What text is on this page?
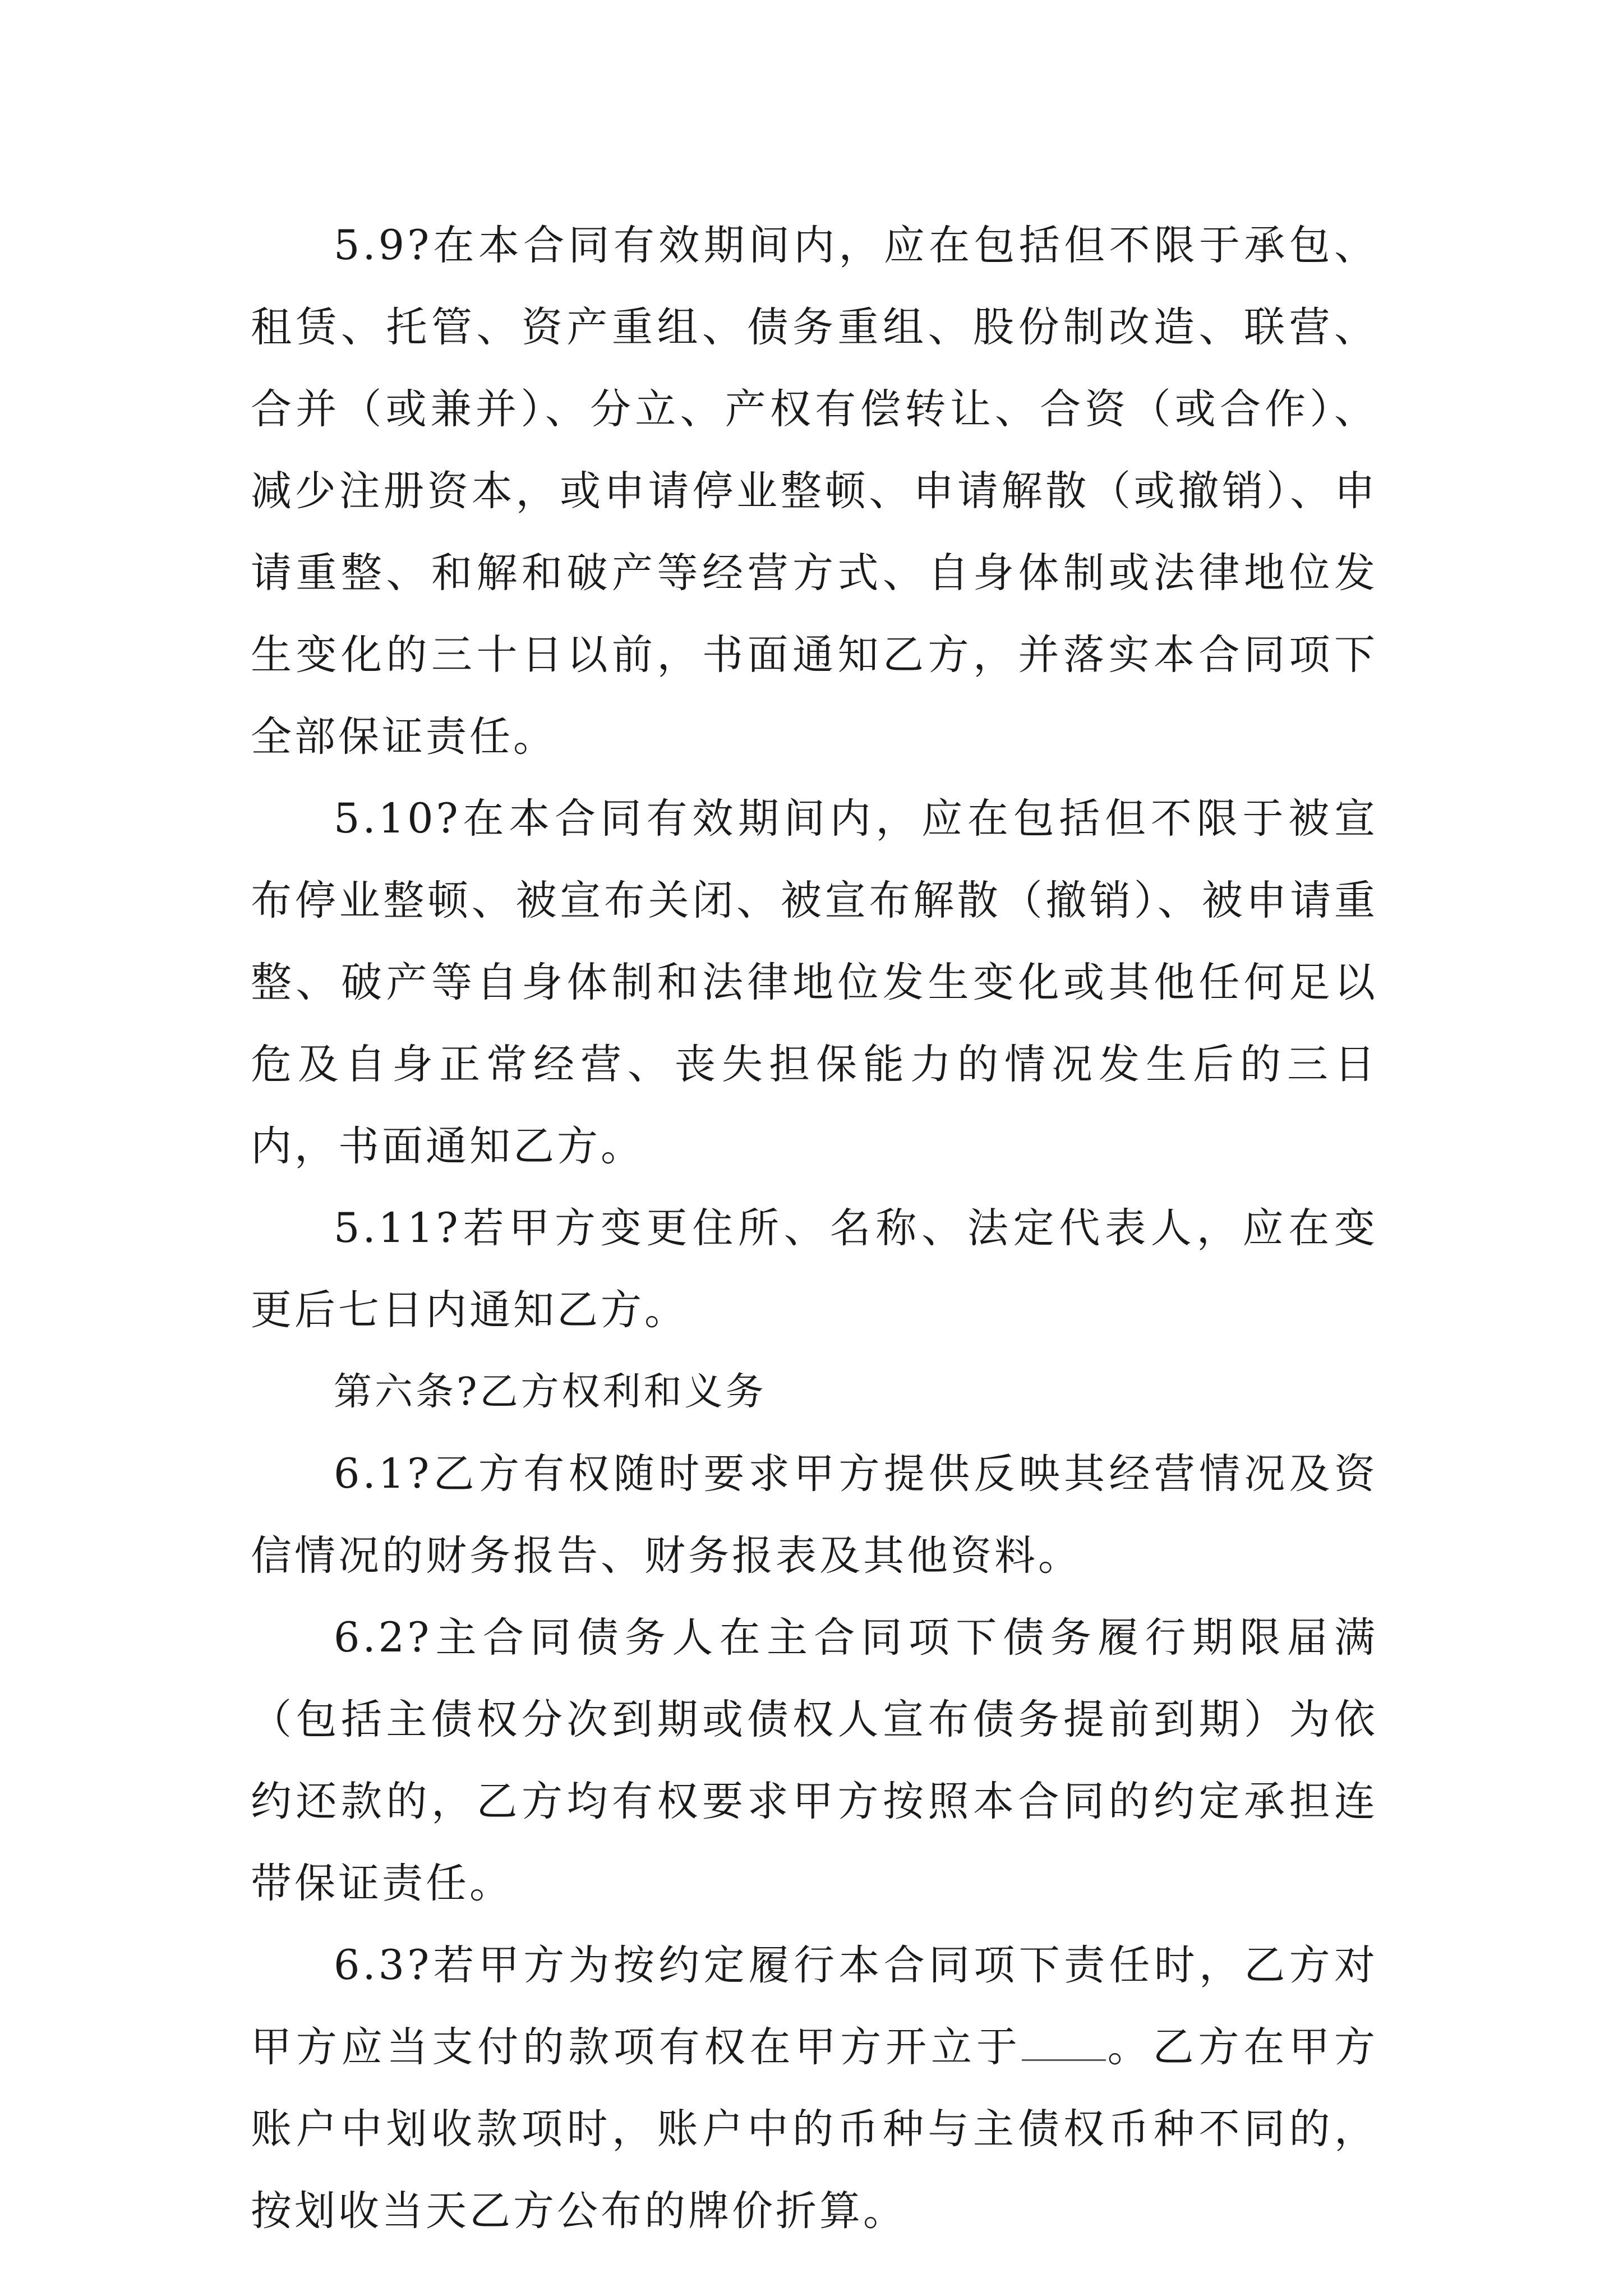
5.9?在本合同有效期间内，应在包括但不限于承包、租赁、托管、资产重组、债务重组、股份制改造、联营、合并（或兼并）、分立、产权有偿转让、合资（或合作）、减少注册资本，或申请停业整顿、申请解散（或撤销）、申请重整、和解和破产等经营方式、自身体制或法律地位发生变化的三十日以前，书面通知乙方，并落实本合同项下全部保证责任。

5.10?在本合同有效期间内，应在包括但不限于被宣布停业整顿、被宣布关闭、被宣布解散（撤销）、被申请重整、破产等自身体制和法律地位发生变化或其他任何足以危及自身正常经营、丧失担保能力的情况发生后的三日内，书面通知乙方。

5.11?若甲方变更住所、名称、法定代表人，应在变更后七日内通知乙方。

第六条?乙方权利和义务

6.1?乙方有权随时要求甲方提供反映其经营情况及资信情况的财务报告、财务报表及其他资料。

6.2?主合同债务人在主合同项下债务履行期限届满（包括主债权分次到期或债权人宣布债务提前到期）为依约还款的，乙方均有权要求甲方按照本合同的约定承担连带保证责任。

6.3?若甲方为按约定履行本合同项下责任时，乙方对甲方应当支付的款项有权在甲方开立于 。乙方在甲方账户中划收款项时，账户中的币种与主债权币种不同的，按划收当天乙方公布的牌价折算。
